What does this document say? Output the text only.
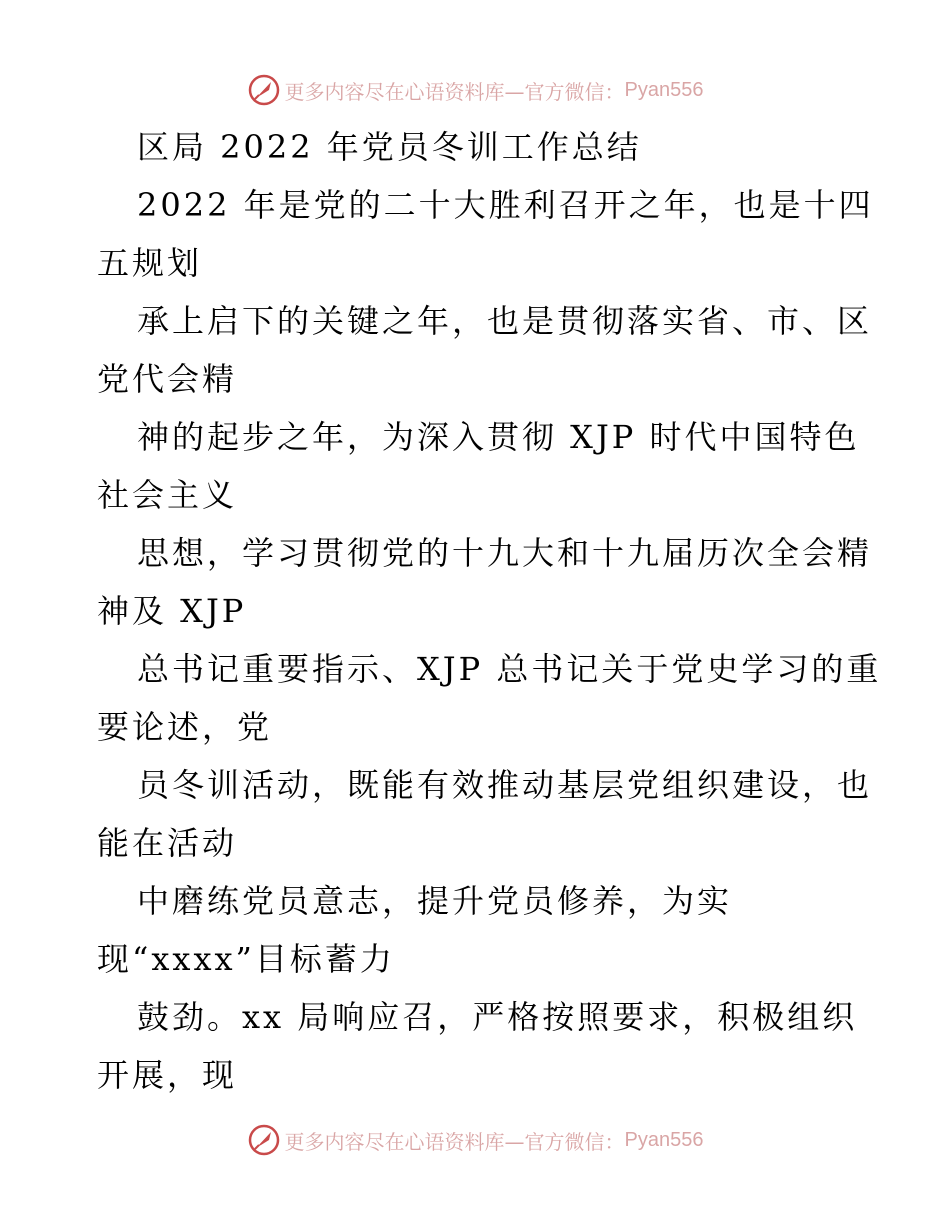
更多内容尽在心语资料库—官方微信： Pyan556
区局 2022 年党员冬训工作总结
2022 年是党的二十大胜利召开之年，也是十四
五规划
承上启下的关键之年，也是贯彻落实省、市、区
党代会精
神的起步之年，为深入贯彻 XJP 时代中国特色
社会主义
思想，学习贯彻党的十九大和十九届历次全会精
神及 XJP
总书记重要指示、XJP 总书记关于党史学习的重
要论述，党
员冬训活动，既能有效推动基层党组织建设，也
能在活动
中磨练党员意志，提升党员修养，为实
现“xxxx”目标蓄力
鼓劲。xx 局响应召，严格按照要求，积极组织
开展，现
更多内容尽在心语资料库—官方微信： Pyan556
